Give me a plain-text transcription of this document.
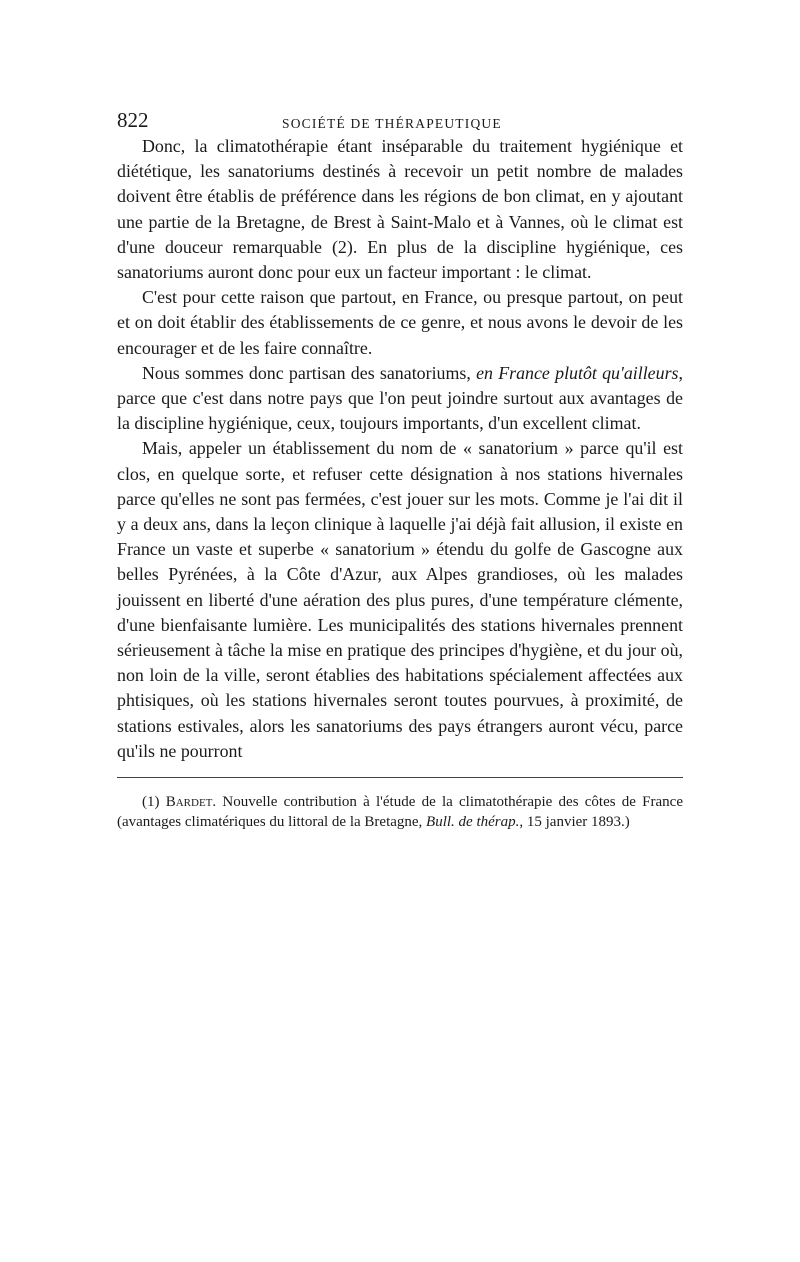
822	SOCIÉTÉ DE THÉRAPEUTIQUE

Donc, la climatothérapie étant inséparable du traitement hygiénique et diététique, les sanatoriums destinés à recevoir un petit nombre de malades doivent être établis de préférence dans les régions de bon climat, en y ajoutant une partie de la Bretagne, de Brest à Saint-Malo et à Vannes, où le climat est d'une douceur remarquable (2). En plus de la discipline hygiénique, ces sanatoriums auront donc pour eux un facteur important : le climat.

C'est pour cette raison que partout, en France, ou presque partout, on peut et on doit établir des établissements de ce genre, et nous avons le devoir de les encourager et de les faire connaître.

Nous sommes donc partisan des sanatoriums, en France plutôt qu'ailleurs, parce que c'est dans notre pays que l'on peut joindre surtout aux avantages de la discipline hygiénique, ceux, toujours importants, d'un excellent climat.

Mais, appeler un établissement du nom de « sanatorium » parce qu'il est clos, en quelque sorte, et refuser cette désignation à nos stations hivernales parce qu'elles ne sont pas fermées, c'est jouer sur les mots. Comme je l'ai dit il y a deux ans, dans la leçon clinique à laquelle j'ai déjà fait allusion, il existe en France un vaste et superbe « sanatorium » étendu du golfe de Gascogne aux belles Pyrénées, à la Côte d'Azur, aux Alpes grandioses, où les malades jouissent en liberté d'une aération des plus pures, d'une température clémente, d'une bienfaisante lumière. Les municipalités des stations hivernales prennent sérieusement à tâche la mise en pratique des principes d'hygiène, et du jour où, non loin de la ville, seront établies des habitations spécialement affectées aux phtisiques, où les stations hivernales seront toutes pourvues, à proximité, de stations estivales, alors les sanatoriums des pays étrangers auront vécu, parce qu'ils ne pourront

(1) Bardet. Nouvelle contribution à l'étude de la climatothérapie des côtes de France (avantages climatériques du littoral de la Bretagne, Bull. de thérap., 15 janvier 1893.)
